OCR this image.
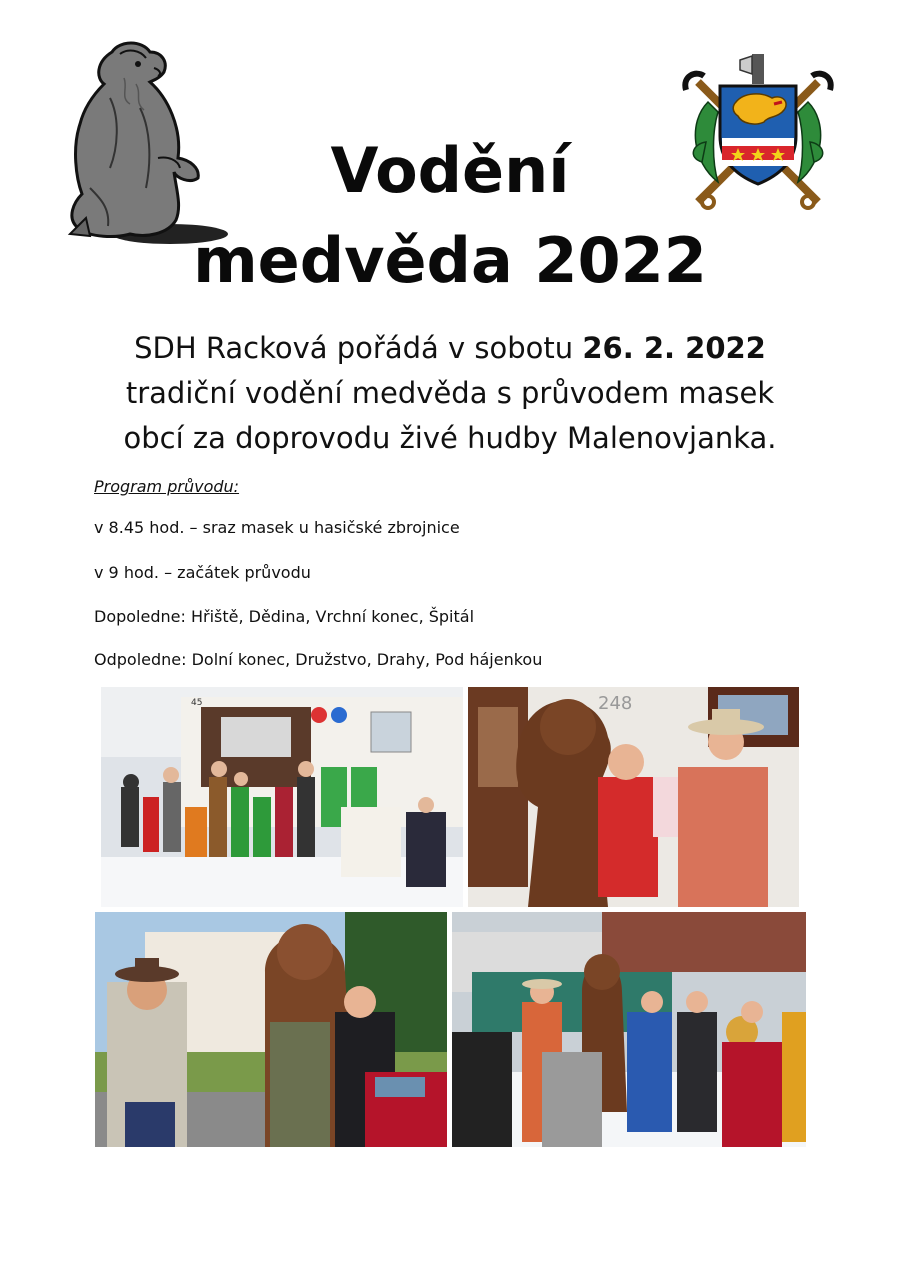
Vodění
medvěda 2022
SDH Racková pořádá v sobotu 26. 2. 2022
tradiční vodění medvěda s průvodem masek
obcí za doprovodu živé hudby Malenovjanka.
Program průvodu:
v 8.45 hod. – sraz masek u hasičské zbrojnice
v 9 hod. – začátek průvodu
Dopoledne: Hřiště, Dědina, Vrchní konec, Špitál
Odpoledne: Dolní konec, Družstvo, Drahy, Pod hájenkou
45	248
